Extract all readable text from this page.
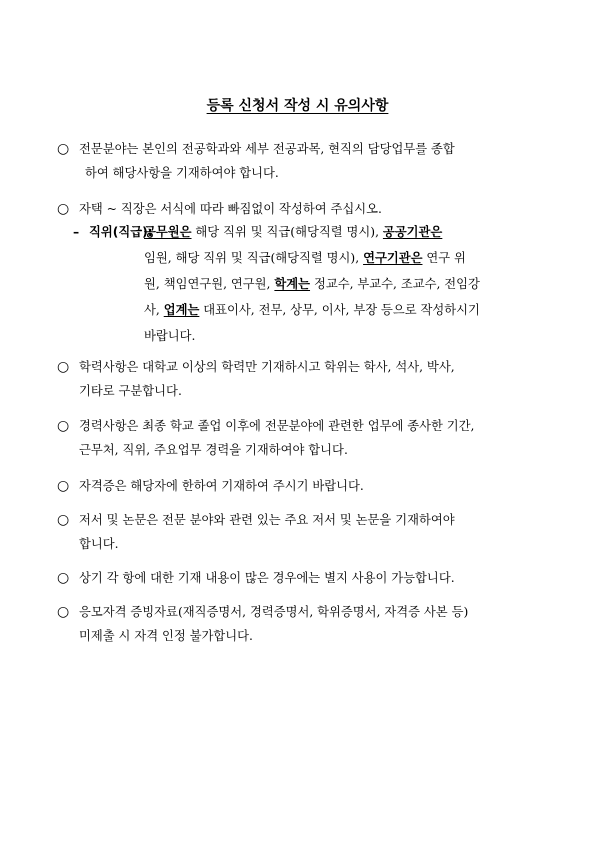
등록 신청서 작성 시 유의사항
○ 전문분야는 본인의 전공학과와 세부 전공과목, 현직의 담당업무를 종합
하여 해당사항을 기재하여야 합니다.
○ 자택 ~ 직장은 서식에 따라 빠짐없이 작성하여 주십시오.
– 직위(직급):
공무원은 해당 직위 및 직급(해당직렬 명시), 공공기관은
임원, 해당 직위 및 직급(해당직렬 명시), 연구기관은 연구 위
원, 책임연구원, 연구원, 학계는 정교수, 부교수, 조교수, 전임강
사, 업계는 대표이사, 전무, 상무, 이사, 부장 등으로 작성하시기
바랍니다.
○ 학력사항은 대학교 이상의 학력만 기재하시고 학위는 학사, 석사, 박사,
기타로 구분합니다.
○ 경력사항은 최종 학교 졸업 이후에 전문분야에 관련한 업무에 종사한 기간,
근무처, 직위, 주요업무 경력을 기재하여야 합니다.
○ 자격증은 해당자에 한하여 기재하여 주시기 바랍니다.
○ 저서 및 논문은 전문 분야와 관련 있는 주요 저서 및 논문을 기재하여야
합니다.
○ 상기 각 항에 대한 기재 내용이 많은 경우에는 별지 사용이 가능합니다.
○ 응모자격 증빙자료(재직증명서, 경력증명서, 학위증명서, 자격증 사본 등)
미제출 시 자격 인정 불가합니다.
